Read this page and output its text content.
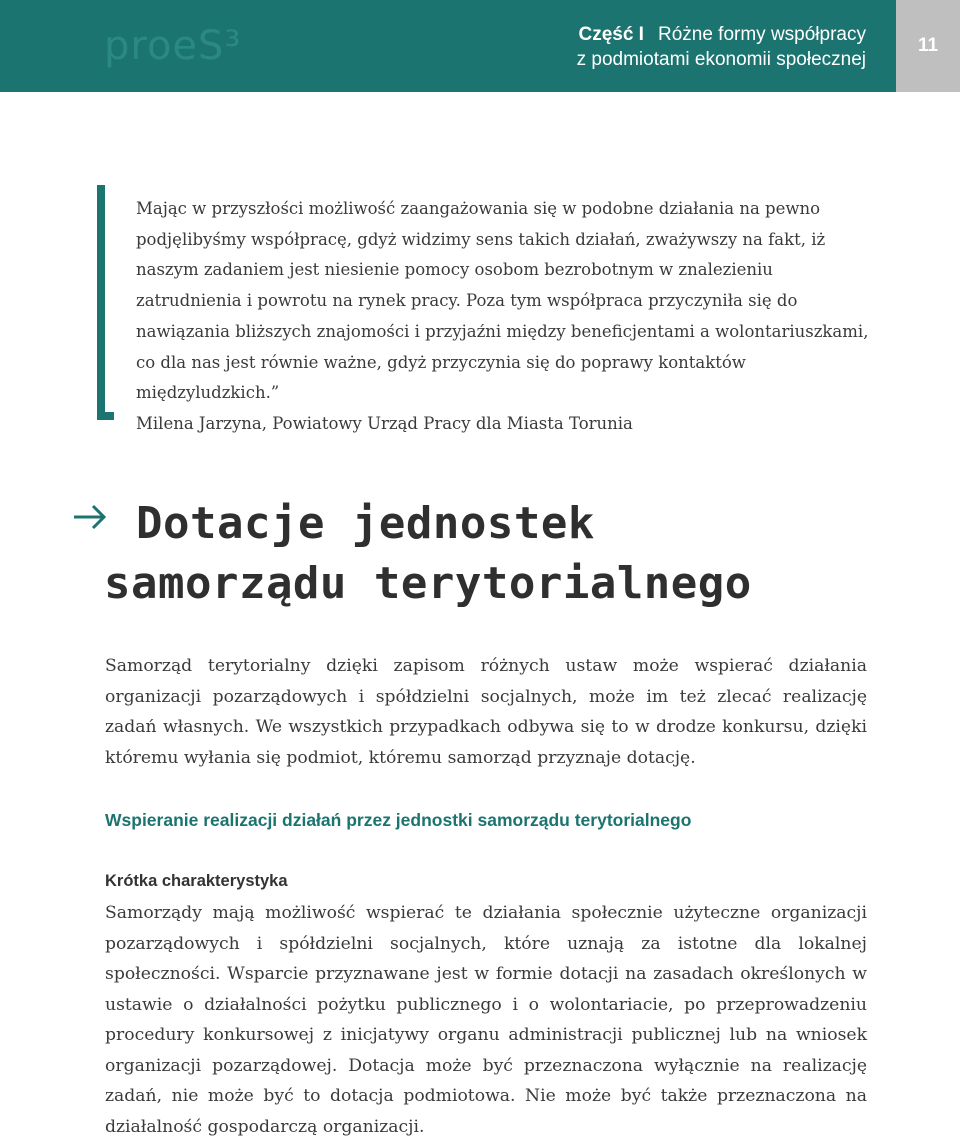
proeS³	Część I Różne formy współpracy
z podmiotami ekonomii społecznej
11

Mając w przyszłości możliwość zaangażowania się w podobne działania na pewno podjęlibyśmy współpracę, gdyż widzimy sens takich działań, zważywszy na fakt, iż naszym zadaniem jest niesienie pomocy osobom bezrobotnym w znalezieniu zatrudnienia i powrotu na rynek pracy. Poza tym współpraca przyczyniła się do nawiązania bliższych znajomości i przyjaźni między beneficjentami a wolontariuszkami, co dla nas jest równie ważne, gdyż przyczynia się do poprawy kontaktów międzyludzkich.”

Milena Jarzyna, Powiatowy Urząd Pracy dla Miasta Torunia

Dotacje jednostek samorządu terytorialnego

Samorząd terytorialny dzięki zapisom różnych ustaw może wspierać działania organizacji pozarządowych i spółdzielni socjalnych, może im też zlecać realizację zadań własnych. We wszystkich przypadkach odbywa się to w drodze konkursu, dzięki któremu wyłania się podmiot, któremu samorząd przyznaje dotację.

Wspieranie realizacji działań przez jednostki samorządu terytorialnego
Krótka charakterystyka

Samorządy mają możliwość wspierać te działania społecznie użyteczne organizacji pozarządowych i spółdzielni socjalnych, które uznają za istotne dla lokalnej społeczności. Wsparcie przyznawane jest w formie dotacji na zasadach określonych w ustawie o działalności pożytku publicznego i o wolontariacie, po przeprowadzeniu procedury konkursowej z inicjatywy organu administracji publicznej lub na wniosek organizacji pozarządowej. Dotacja może być przeznaczona wyłącznie na realizację zadań, nie może być to dotacja podmiotowa. Nie może być także przeznaczona na działalność gospodarczą organizacji.
